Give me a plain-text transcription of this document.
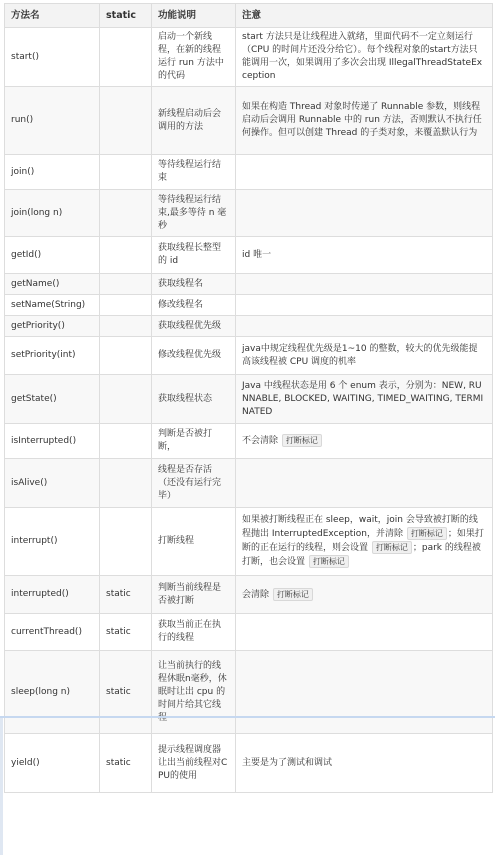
方法名	static	功能说明	注意
start()		启动一个新线程，在新的线程运行 run 方法中的代码	start 方法只是让线程进入就绪，里面代码不一定立刻运行（CPU 的时间片还没分给它）。每个线程对象的start方法只能调用一次，如果调用了多次会出现 IllegalThreadStateException
run()		新线程启动后会调用的方法	如果在构造 Thread 对象时传递了 Runnable 参数，则线程启动后会调用 Runnable 中的 run 方法，否则默认不执行任何操作。但可以创建 Thread 的子类对象，来覆盖默认行为
join()		等待线程运行结束	
join(long n)		等待线程运行结束,最多等待 n 毫秒	
getId()		获取线程长整型的 id	id 唯一
getName()		获取线程名	
setName(String)		修改线程名	
getPriority()		获取线程优先级	
setPriority(int)		修改线程优先级	java中规定线程优先级是1~10 的整数，较大的优先级能提高该线程被 CPU 调度的机率
getState()		获取线程状态	Java 中线程状态是用 6 个 enum 表示，分别为：NEW, RUNNABLE, BLOCKED, WAITING, TIMED_WAITING, TERMINATED
isInterrupted()		判断是否被打断，	不会清除 打断标记
isAlive()		线程是否存活（还没有运行完毕）	
interrupt()		打断线程	如果被打断线程正在 sleep，wait，join 会导致被打断的线程抛出 InterruptedException，并清除 打断标记 ；如果打断的正在运行的线程，则会设置 打断标记 ；park 的线程被打断，也会设置 打断标记
interrupted()	static	判断当前线程是否被打断	会清除 打断标记
currentThread()	static	获取当前正在执行的线程	
sleep(long n)	static	让当前执行的线程休眠n毫秒，休眠时让出 cpu 的时间片给其它线	
yield()	static	提示线程调度器让出当前线程对CPU的使用	主要是为了测试和调试
